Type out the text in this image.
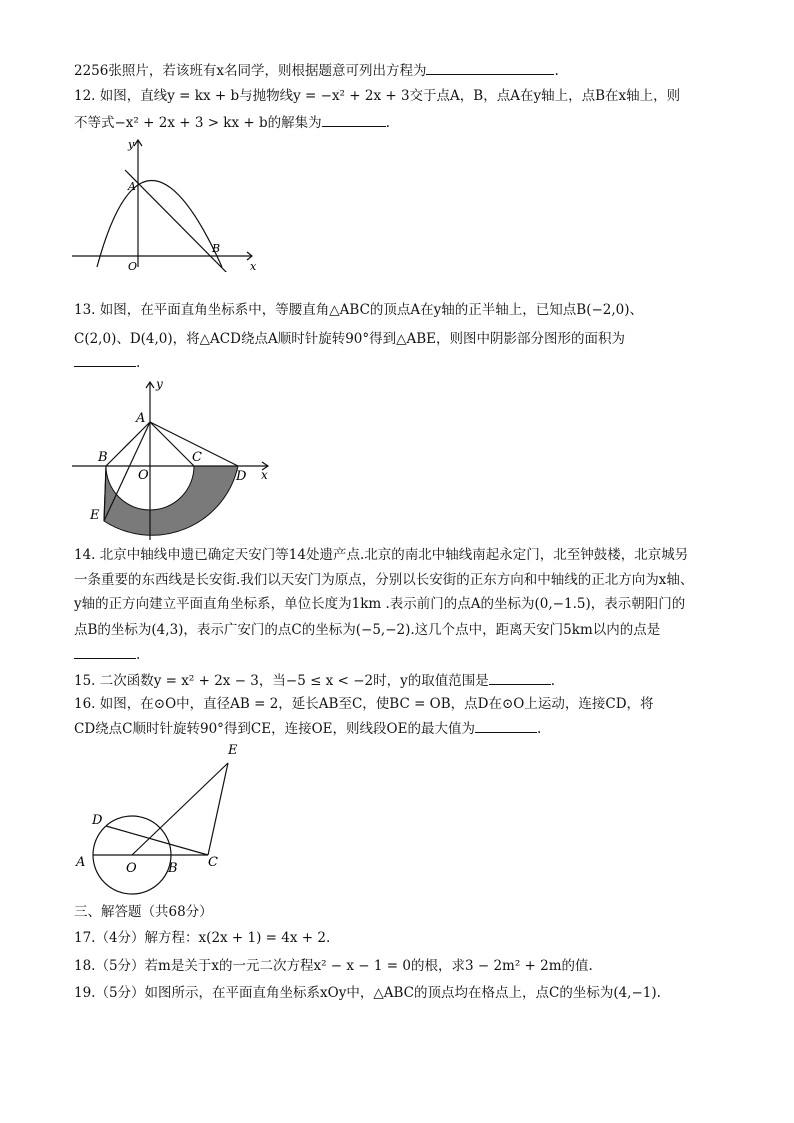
2256张照片，若该班有x名同学，则根据题意可列出方程为	.
12. 如图，直线y = kx + b与抛物线y = −x² + 2x + 3交于点A，B，点A在y轴上，点B在x轴上，则
不等式−x² + 2x + 3 > kx + b的解集为	.
y
x
A
B
O
13. 如图，在平面直角坐标系中，等腰直角△ABC的顶点A在y轴的正半轴上，已知点B(−2,0)、
C(2,0)、D(4,0)，将△ACD绕点A顺时针旋转90°得到△ABE，则图中阴影部分图形的面积为
.
y
x
A
B	C
D
O
E
14. 北京中轴线申遗已确定天安门等14处遗产点.北京的南北中轴线南起永定门，北至钟鼓楼，北京城另
一条重要的东西线是长安街.我们以天安门为原点，分别以长安街的正东方向和中轴线的正北方向为x轴、
y轴的正方向建立平面直角坐标系，单位长度为1km .表示前门的点A的坐标为(0,−1.5)，表示朝阳门的
点B的坐标为(4,3)，表示广安门的点C的坐标为(−5,−2).这几个点中，距离天安门5km以内的点是
.
15. 二次函数y = x² + 2x − 3，当−5 ≤ x < −2时，y的取值范围是	.
16. 如图，在⊙O中，直径AB = 2，延长AB至C，使BC = OB，点D在⊙O上运动，连接CD，将
CD绕点C顺时针旋转90°得到CE，连接OE，则线段OE的最大值为	.
E
D
A	O B C
三、解答题（共68分）
17.（4分）解方程：x(2x + 1) = 4x + 2.
18.（5分）若m是关于x的一元二次方程x² − x − 1 = 0的根，求3 − 2m² + 2m的值.
19.（5分）如图所示，在平面直角坐标系xOy中，△ABC的顶点均在格点上，点C的坐标为(4,−1).
